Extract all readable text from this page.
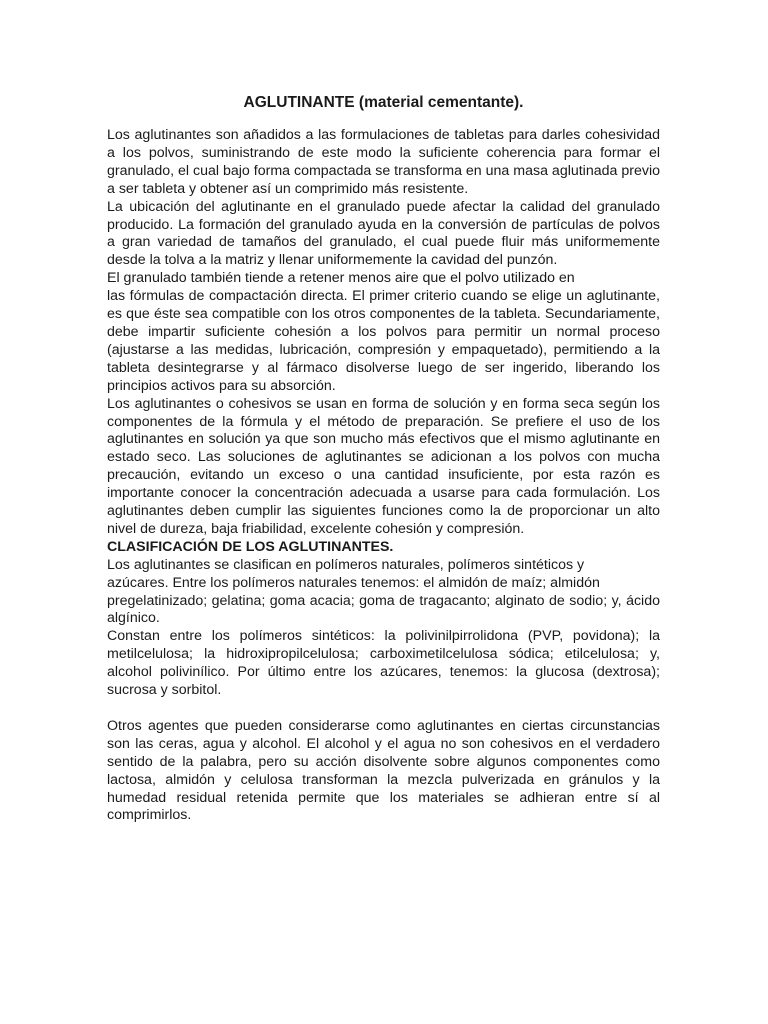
AGLUTINANTE (material cementante).

Los aglutinantes son añadidos a las formulaciones de tabletas para darles cohesividad a los polvos, suministrando de este modo la suficiente coherencia para formar el granulado, el cual bajo forma compactada se transforma en una masa aglutinada previo a ser tableta y obtener así un comprimido más resistente.

La ubicación del aglutinante en el granulado puede afectar la calidad del granulado producido. La formación del granulado ayuda en la conversión de partículas de polvos a gran variedad de tamaños del granulado, el cual puede fluir más uniformemente desde la tolva a la matriz y llenar uniformemente la cavidad del punzón.

El granulado también tiende a retener menos aire que el polvo utilizado en

las fórmulas de compactación directa. El primer criterio cuando se elige un aglutinante, es que éste sea compatible con los otros componentes de la tableta. Secundariamente, debe impartir suficiente cohesión a los polvos para permitir un normal proceso (ajustarse a las medidas, lubricación, compresión y empaquetado), permitiendo a la tableta desintegrarse y al fármaco disolverse luego de ser ingerido, liberando los principios activos para su absorción.

Los aglutinantes o cohesivos se usan en forma de solución y en forma seca según los componentes de la fórmula y el método de preparación. Se prefiere el uso de los aglutinantes en solución ya que son mucho más efectivos que el mismo aglutinante en estado seco. Las soluciones de aglutinantes se adicionan a los polvos con mucha precaución, evitando un exceso o una cantidad insuficiente, por esta razón es importante conocer la concentración adecuada a usarse para cada formulación. Los aglutinantes deben cumplir las siguientes funciones como la de proporcionar un alto nivel de dureza, baja friabilidad, excelente cohesión y compresión.

CLASIFICACIÓN DE LOS AGLUTINANTES.

Los aglutinantes se clasifican en polímeros naturales, polímeros sintéticos y

azúcares. Entre los polímeros naturales tenemos: el almidón de maíz; almidón

pregelatinizado; gelatina; goma acacia; goma de tragacanto; alginato de sodio; y, ácido algínico.

Constan entre los polímeros sintéticos: la polivinilpirrolidona (PVP, povidona); la metilcelulosa; la hidroxipropilcelulosa; carboximetilcelulosa sódica; etilcelulosa; y, alcohol polivinílico. Por último entre los azúcares, tenemos: la glucosa (dextrosa); sucrosa y sorbitol.

Otros agentes que pueden considerarse como aglutinantes en ciertas circunstancias son las ceras, agua y alcohol. El alcohol y el agua no son cohesivos en el verdadero sentido de la palabra, pero su acción disolvente sobre algunos componentes como lactosa, almidón y celulosa transforman la mezcla pulverizada en gránulos y la humedad residual retenida permite que los materiales se adhieran entre sí al comprimirlos.
